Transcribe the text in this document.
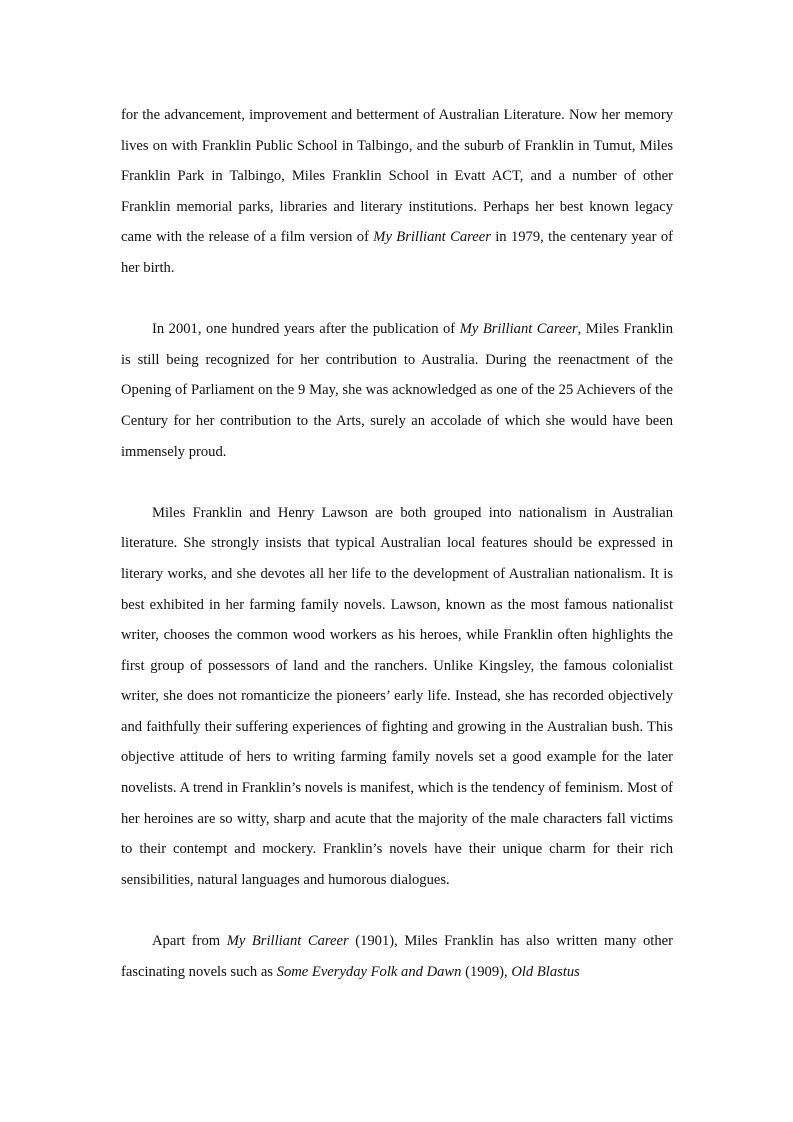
for the advancement, improvement and betterment of Australian Literature. Now her memory lives on with Franklin Public School in Talbingo, and the suburb of Franklin in Tumut, Miles Franklin Park in Talbingo, Miles Franklin School in Evatt ACT, and a number of other Franklin memorial parks, libraries and literary institutions. Perhaps her best known legacy came with the release of a film version of My Brilliant Career in 1979, the centenary year of her birth.

In 2001, one hundred years after the publication of My Brilliant Career, Miles Franklin is still being recognized for her contribution to Australia. During the reenactment of the Opening of Parliament on the 9 May, she was acknowledged as one of the 25 Achievers of the Century for her contribution to the Arts, surely an accolade of which she would have been immensely proud.

Miles Franklin and Henry Lawson are both grouped into nationalism in Australian literature. She strongly insists that typical Australian local features should be expressed in literary works, and she devotes all her life to the development of Australian nationalism. It is best exhibited in her farming family novels. Lawson, known as the most famous nationalist writer, chooses the common wood workers as his heroes, while Franklin often highlights the first group of possessors of land and the ranchers. Unlike Kingsley, the famous colonialist writer, she does not romanticize the pioneers’ early life. Instead, she has recorded objectively and faithfully their suffering experiences of fighting and growing in the Australian bush. This objective attitude of hers to writing farming family novels set a good example for the later novelists. A trend in Franklin’s novels is manifest, which is the tendency of feminism. Most of her heroines are so witty, sharp and acute that the majority of the male characters fall victims to their contempt and mockery. Franklin’s novels have their unique charm for their rich sensibilities, natural languages and humorous dialogues.

Apart from My Brilliant Career (1901), Miles Franklin has also written many other fascinating novels such as Some Everyday Folk and Dawn (1909), Old Blastus
